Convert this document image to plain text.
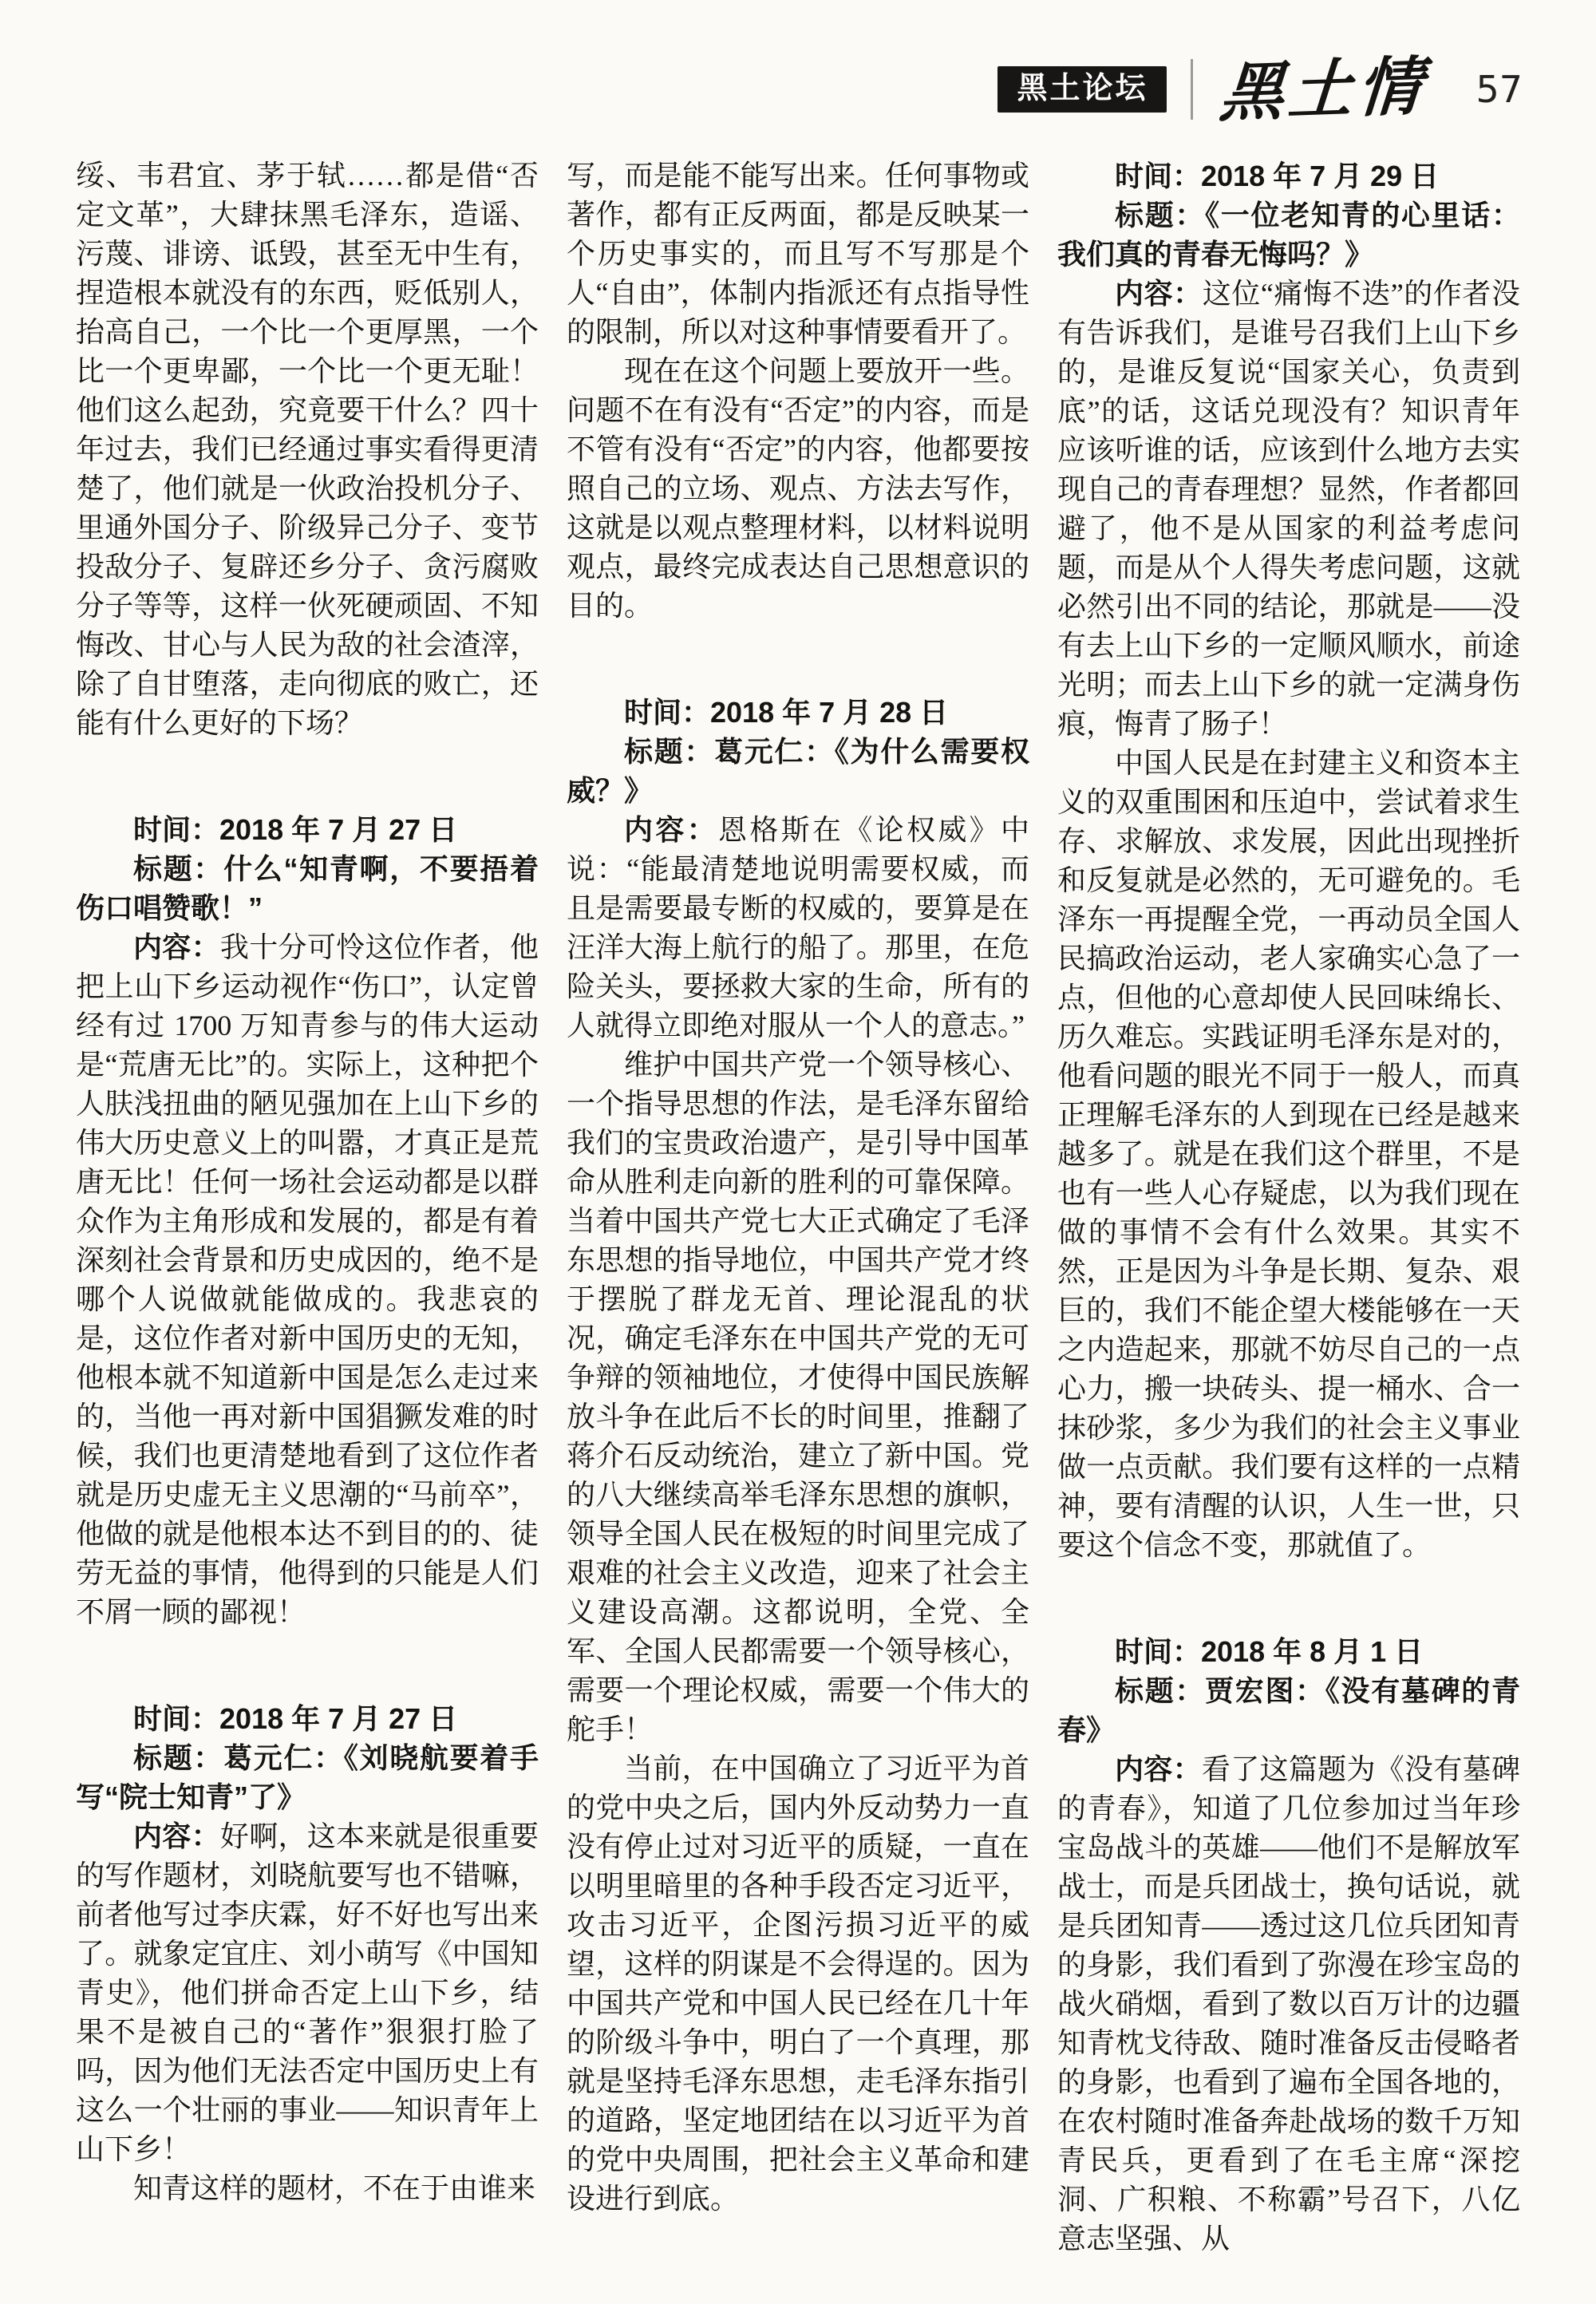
黑土论坛	黑土情 57

绥、韦君宜、茅于轼……都是借“否定文革”，大肆抹黑毛泽东，造谣、污蔑、诽谤、诋毁，甚至无中生有，捏造根本就没有的东西，贬低别人，抬高自己，一个比一个更厚黑，一个比一个更卑鄙，一个比一个更无耻！他们这么起劲，究竟要干什么？四十年过去，我们已经通过事实看得更清楚了，他们就是一伙政治投机分子、里通外国分子、阶级异己分子、变节投敌分子、复辟还乡分子、贪污腐败分子等等，这样一伙死硬顽固、不知悔改、甘心与人民为敌的社会渣滓，除了自甘堕落，走向彻底的败亡，还能有什么更好的下场？

时间：2018 年 7 月 27 日

标题：什么“知青啊，不要捂着伤口唱赞歌！”

内容：我十分可怜这位作者，他把上山下乡运动视作“伤口”，认定曾经有过 1700 万知青参与的伟大运动是“荒唐无比”的。实际上，这种把个人肤浅扭曲的陋见强加在上山下乡的伟大历史意义上的叫嚣，才真正是荒唐无比！任何一场社会运动都是以群众作为主角形成和发展的，都是有着深刻社会背景和历史成因的，绝不是哪个人说做就能做成的。我悲哀的是，这位作者对新中国历史的无知，他根本就不知道新中国是怎么走过来的，当他一再对新中国猖獗发难的时候，我们也更清楚地看到了这位作者就是历史虚无主义思潮的“马前卒”，他做的就是他根本达不到目的的、徒劳无益的事情，他得到的只能是人们不屑一顾的鄙视！

时间：2018 年 7 月 27 日

标题：葛元仁：《刘晓航要着手写“院士知青”了》

内容：好啊，这本来就是很重要的写作题材，刘晓航要写也不错嘛，前者他写过李庆霖，好不好也写出来了。就象定宜庄、刘小萌写《中国知青史》，他们拼命否定上山下乡，结果不是被自己的“著作”狠狠打脸了吗，因为他们无法否定中国历史上有这么一个壮丽的事业——知识青年上山下乡！

知青这样的题材，不在于由谁来

写，而是能不能写出来。任何事物或著作，都有正反两面，都是反映某一个历史事实的，而且写不写那是个人“自由”，体制内指派还有点指导性的限制，所以对这种事情要看开了。

现在在这个问题上要放开一些。问题不在有没有“否定”的内容，而是不管有没有“否定”的内容，他都要按照自己的立场、观点、方法去写作，这就是以观点整理材料，以材料说明观点，最终完成表达自己思想意识的目的。

时间：2018 年 7 月 28 日

标题：葛元仁：《为什么需要权威？》

内容：恩格斯在《论权威》中说：“能最清楚地说明需要权威，而且是需要最专断的权威的，要算是在汪洋大海上航行的船了。那里，在危险关头，要拯救大家的生命，所有的人就得立即绝对服从一个人的意志。”

维护中国共产党一个领导核心、一个指导思想的作法，是毛泽东留给我们的宝贵政治遗产，是引导中国革命从胜利走向新的胜利的可靠保障。当着中国共产党七大正式确定了毛泽东思想的指导地位，中国共产党才终于摆脱了群龙无首、理论混乱的状况，确定毛泽东在中国共产党的无可争辩的领袖地位，才使得中国民族解放斗争在此后不长的时间里，推翻了蒋介石反动统治，建立了新中国。党的八大继续高举毛泽东思想的旗帜，领导全国人民在极短的时间里完成了艰难的社会主义改造，迎来了社会主义建设高潮。这都说明，全党、全军、全国人民都需要一个领导核心，需要一个理论权威，需要一个伟大的舵手！

当前，在中国确立了习近平为首的党中央之后，国内外反动势力一直没有停止过对习近平的质疑，一直在以明里暗里的各种手段否定习近平，攻击习近平，企图污损习近平的威望，这样的阴谋是不会得逞的。因为中国共产党和中国人民已经在几十年的阶级斗争中，明白了一个真理，那就是坚持毛泽东思想，走毛泽东指引的道路，坚定地团结在以习近平为首的党中央周围，把社会主义革命和建设进行到底。

时间：2018 年 7 月 29 日

标题：《一位老知青的心里话：我们真的青春无悔吗？》

内容：这位“痛悔不迭”的作者没有告诉我们，是谁号召我们上山下乡的，是谁反复说“国家关心，负责到底”的话，这话兑现没有？知识青年应该听谁的话，应该到什么地方去实现自己的青春理想？显然，作者都回避了，他不是从国家的利益考虑问题，而是从个人得失考虑问题，这就必然引出不同的结论，那就是——没有去上山下乡的一定顺风顺水，前途光明；而去上山下乡的就一定满身伤痕，悔青了肠子！

中国人民是在封建主义和资本主义的双重围困和压迫中，尝试着求生存、求解放、求发展，因此出现挫折和反复就是必然的，无可避免的。毛泽东一再提醒全党，一再动员全国人民搞政治运动，老人家确实心急了一点，但他的心意却使人民回味绵长、历久难忘。实践证明毛泽东是对的，他看问题的眼光不同于一般人，而真正理解毛泽东的人到现在已经是越来越多了。就是在我们这个群里，不是也有一些人心存疑虑，以为我们现在做的事情不会有什么效果。其实不然，正是因为斗争是长期、复杂、艰巨的，我们不能企望大楼能够在一天之内造起来，那就不妨尽自己的一点心力，搬一块砖头、提一桶水、合一抹砂浆，多少为我们的社会主义事业做一点贡献。我们要有这样的一点精神，要有清醒的认识，人生一世，只要这个信念不变，那就值了。

时间：2018 年 8 月 1 日

标题：贾宏图：《没有墓碑的青春》

内容：看了这篇题为《没有墓碑的青春》，知道了几位参加过当年珍宝岛战斗的英雄——他们不是解放军战士，而是兵团战士，换句话说，就是兵团知青——透过这几位兵团知青的身影，我们看到了弥漫在珍宝岛的战火硝烟，看到了数以百万计的边疆知青枕戈待敌、随时准备反击侵略者的身影，也看到了遍布全国各地的，在农村随时准备奔赴战场的数千万知青民兵，更看到了在毛主席“深挖洞、广积粮、不称霸”号召下，八亿意志坚强、从
